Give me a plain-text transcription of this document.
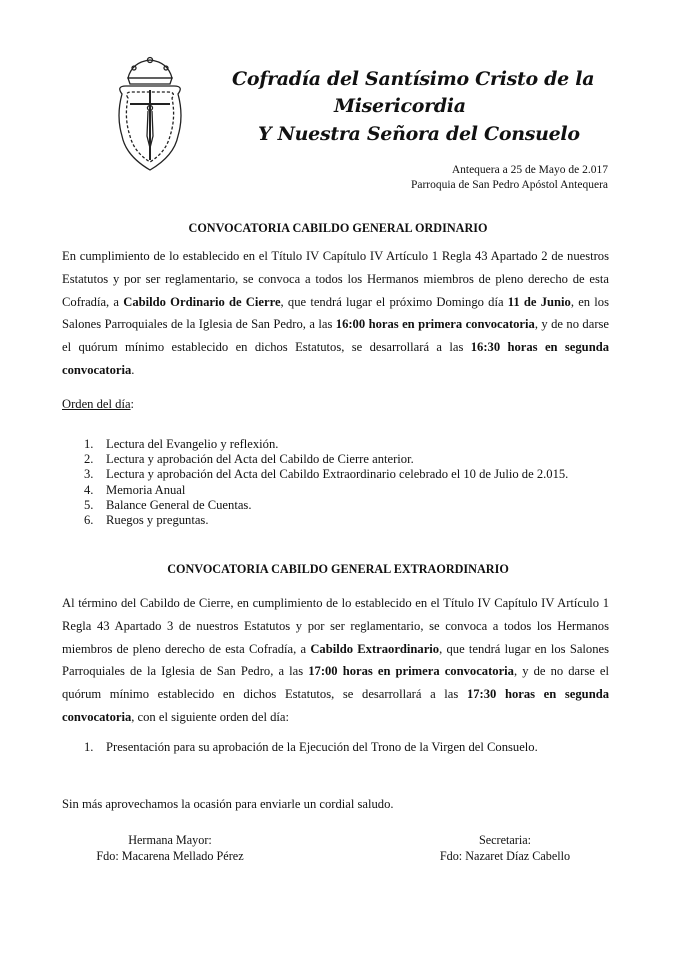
Cofradía del Santísimo Cristo de la
Misericordia
Y Nuestra Señora del Consuelo
Antequera a 25 de Mayo de 2.017
Parroquia de San Pedro Apóstol Antequera
CONVOCATORIA CABILDO GENERAL ORDINARIO
En cumplimiento de lo establecido en el Título IV Capítulo IV Artículo 1 Regla 43 Apartado 2 de nuestros Estatutos y por ser reglamentario, se convoca a todos los Hermanos miembros de pleno derecho de esta Cofradía, a Cabildo Ordinario de Cierre, que tendrá lugar el próximo Domingo día 11 de Junio, en los Salones Parroquiales de la Iglesia de San Pedro, a las 16:00 horas en primera convocatoria, y de no darse el quórum mínimo establecido en dichos Estatutos, se desarrollará a las 16:30 horas en segunda convocatoria.
Orden del día:
1. Lectura del Evangelio y reflexión.
2. Lectura y aprobación del Acta del Cabildo de Cierre anterior.
3. Lectura y aprobación del Acta del Cabildo Extraordinario celebrado el 10 de Julio de 2.015.
4. Memoria Anual
5. Balance General de Cuentas.
6. Ruegos y preguntas.
CONVOCATORIA CABILDO GENERAL EXTRAORDINARIO
Al término del Cabildo de Cierre, en cumplimiento de lo establecido en el Título IV Capítulo IV Artículo 1 Regla 43 Apartado 3 de nuestros Estatutos y por ser reglamentario, se convoca a todos los Hermanos miembros de pleno derecho de esta Cofradía, a Cabildo Extraordinario, que tendrá lugar en los Salones Parroquiales de la Iglesia de San Pedro, a las 17:00 horas en primera convocatoria, y de no darse el quórum mínimo establecido en dichos Estatutos, se desarrollará a las 17:30 horas en segunda convocatoria, con el siguiente orden del día:
1. Presentación para su aprobación de la Ejecución del Trono de la Virgen del Consuelo.
Sin más aprovechamos la ocasión para enviarle un cordial saludo.
Hermana Mayor:
Fdo: Macarena Mellado Pérez
Secretaria:
Fdo: Nazaret Díaz Cabello
